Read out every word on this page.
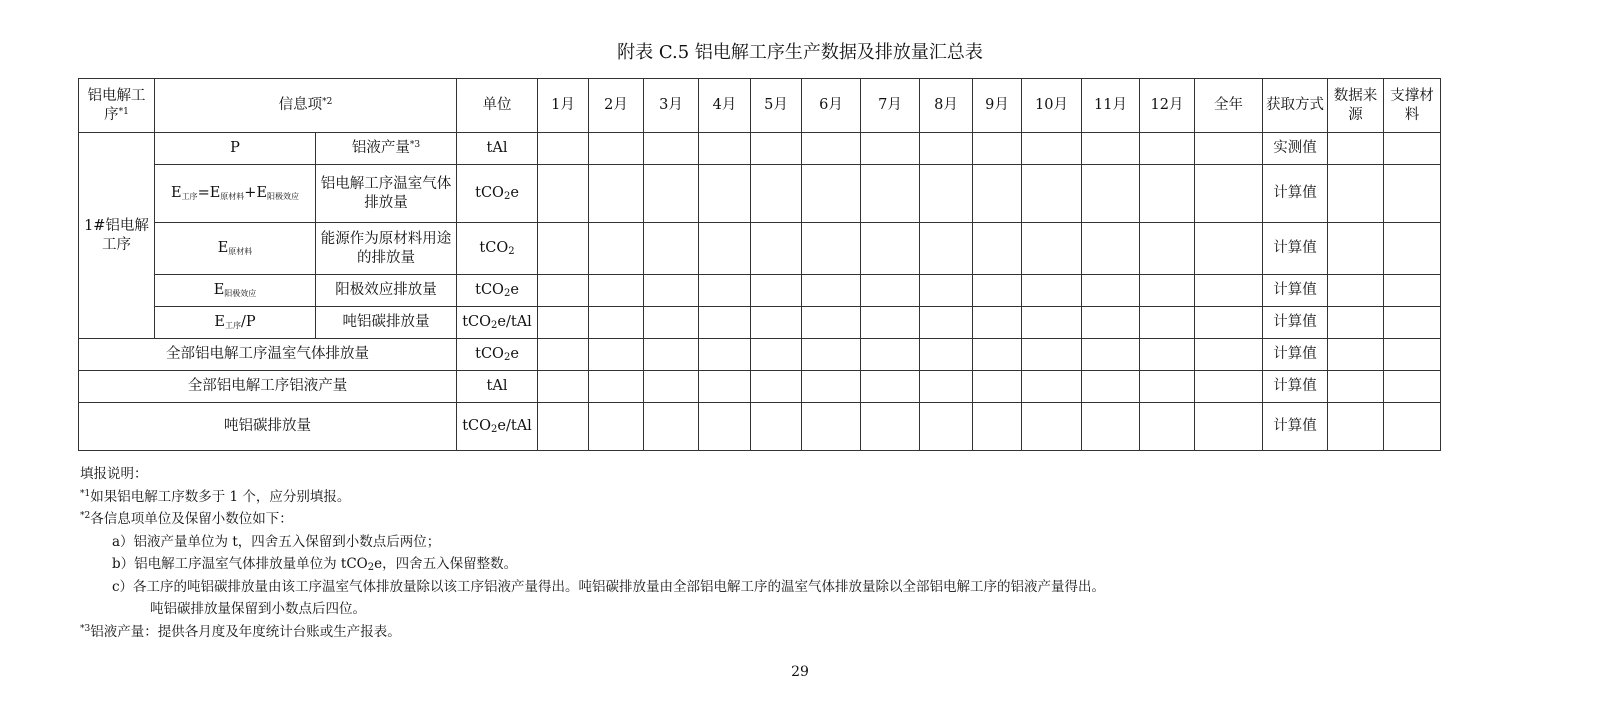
附表 C.5 铝电解工序生产数据及排放量汇总表
铝电解工序$^{*1}$	信息项$^{*2}$		单位	1月	2月	3月	4月	5月	6月	7月	8月	9月	10月	11月	12月	全年	获取方式	数据来源	支撑材料
1#铝电解工序	P	铝液产量$^{*3}$	tAl														实测值		
	$E_{工序}=E_{原材料}+E_{阳极效应}$	铝电解工序温室气体排放量	tCO$_2$e														计算值		
	$E_{原材料}$	能源作为原材料用途的排放量	tCO$_2$														计算值		
	$E_{阳极效应}$	阳极效应排放量	tCO$_2$e														计算值		
	$E_{工序}/P$	吨铝碳排放量	tCO$_2$e/tAl														计算值		
全部铝电解工序温室气体排放量			tCO$_2$e														计算值		
全部铝电解工序铝液产量			tAl														计算值		
吨铝碳排放量			tCO$_2$e/tAl														计算值		
填报说明：
$^{*1}$如果铝电解工序数多于 1 个，应分别填报。
$^{*2}$各信息项单位及保留小数位如下：
a）铝液产量单位为 t，四舍五入保留到小数点后两位；
b）铝电解工序温室气体排放量单位为 tCO$_2$e，四舍五入保留整数。
c）各工序的吨铝碳排放量由该工序温室气体排放量除以该工序铝液产量得出。吨铝碳排放量由全部铝电解工序的温室气体排放量除以全部铝电解工序的铝液产量得出。
吨铝碳排放量保留到小数点后四位。
$^{*3}$铝液产量：提供各月度及年度统计台账或生产报表。
29
